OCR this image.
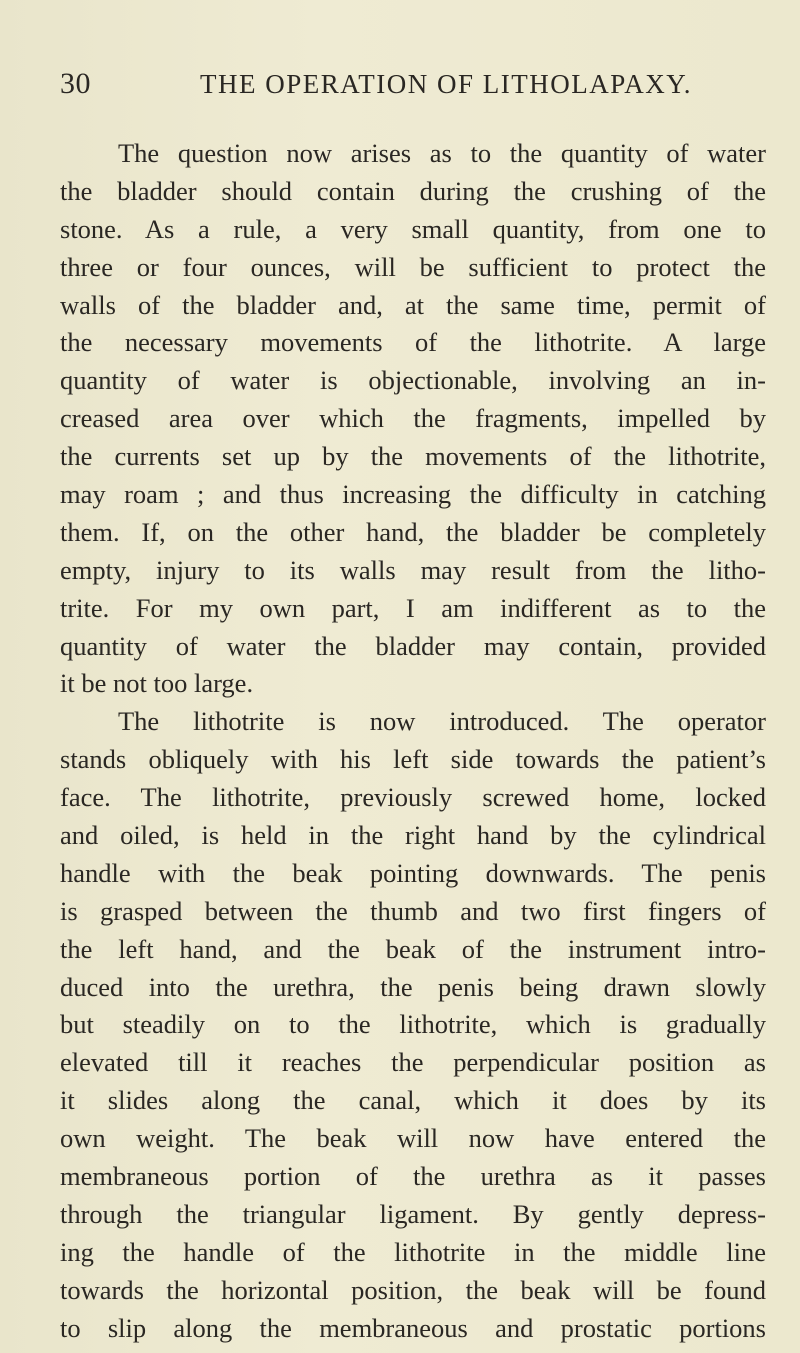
30	THE OPERATION OF LITHOLAPAXY.
The question now arises as to the quantity of water
the bladder should contain during the crushing of the
stone. As a rule, a very small quantity, from one to
three or four ounces, will be sufficient to protect the
walls of the bladder and, at the same time, permit of
the necessary movements of the lithotrite. A large
quantity of water is objectionable, involving an in-
creased area over which the fragments, impelled by
the currents set up by the movements of the lithotrite,
may roam ; and thus increasing the difficulty in catching
them. If, on the other hand, the bladder be completely
empty, injury to its walls may result from the litho-
trite. For my own part, I am indifferent as to the
quantity of water the bladder may contain, provided
it be not too large.
The lithotrite is now introduced. The operator
stands obliquely with his left side towards the patient’s
face. The lithotrite, previously screwed home, locked
and oiled, is held in the right hand by the cylindrical
handle with the beak pointing downwards. The penis
is grasped between the thumb and two first fingers of
the left hand, and the beak of the instrument intro-
duced into the urethra, the penis being drawn slowly
but steadily on to the lithotrite, which is gradually
elevated till it reaches the perpendicular position as
it slides along the canal, which it does by its
own weight. The beak will now have entered the
membraneous portion of the urethra as it passes
through the triangular ligament. By gently depress-
ing the handle of the lithotrite in the middle line
towards the horizontal position, the beak will be found
to slip along the membraneous and prostatic portions
